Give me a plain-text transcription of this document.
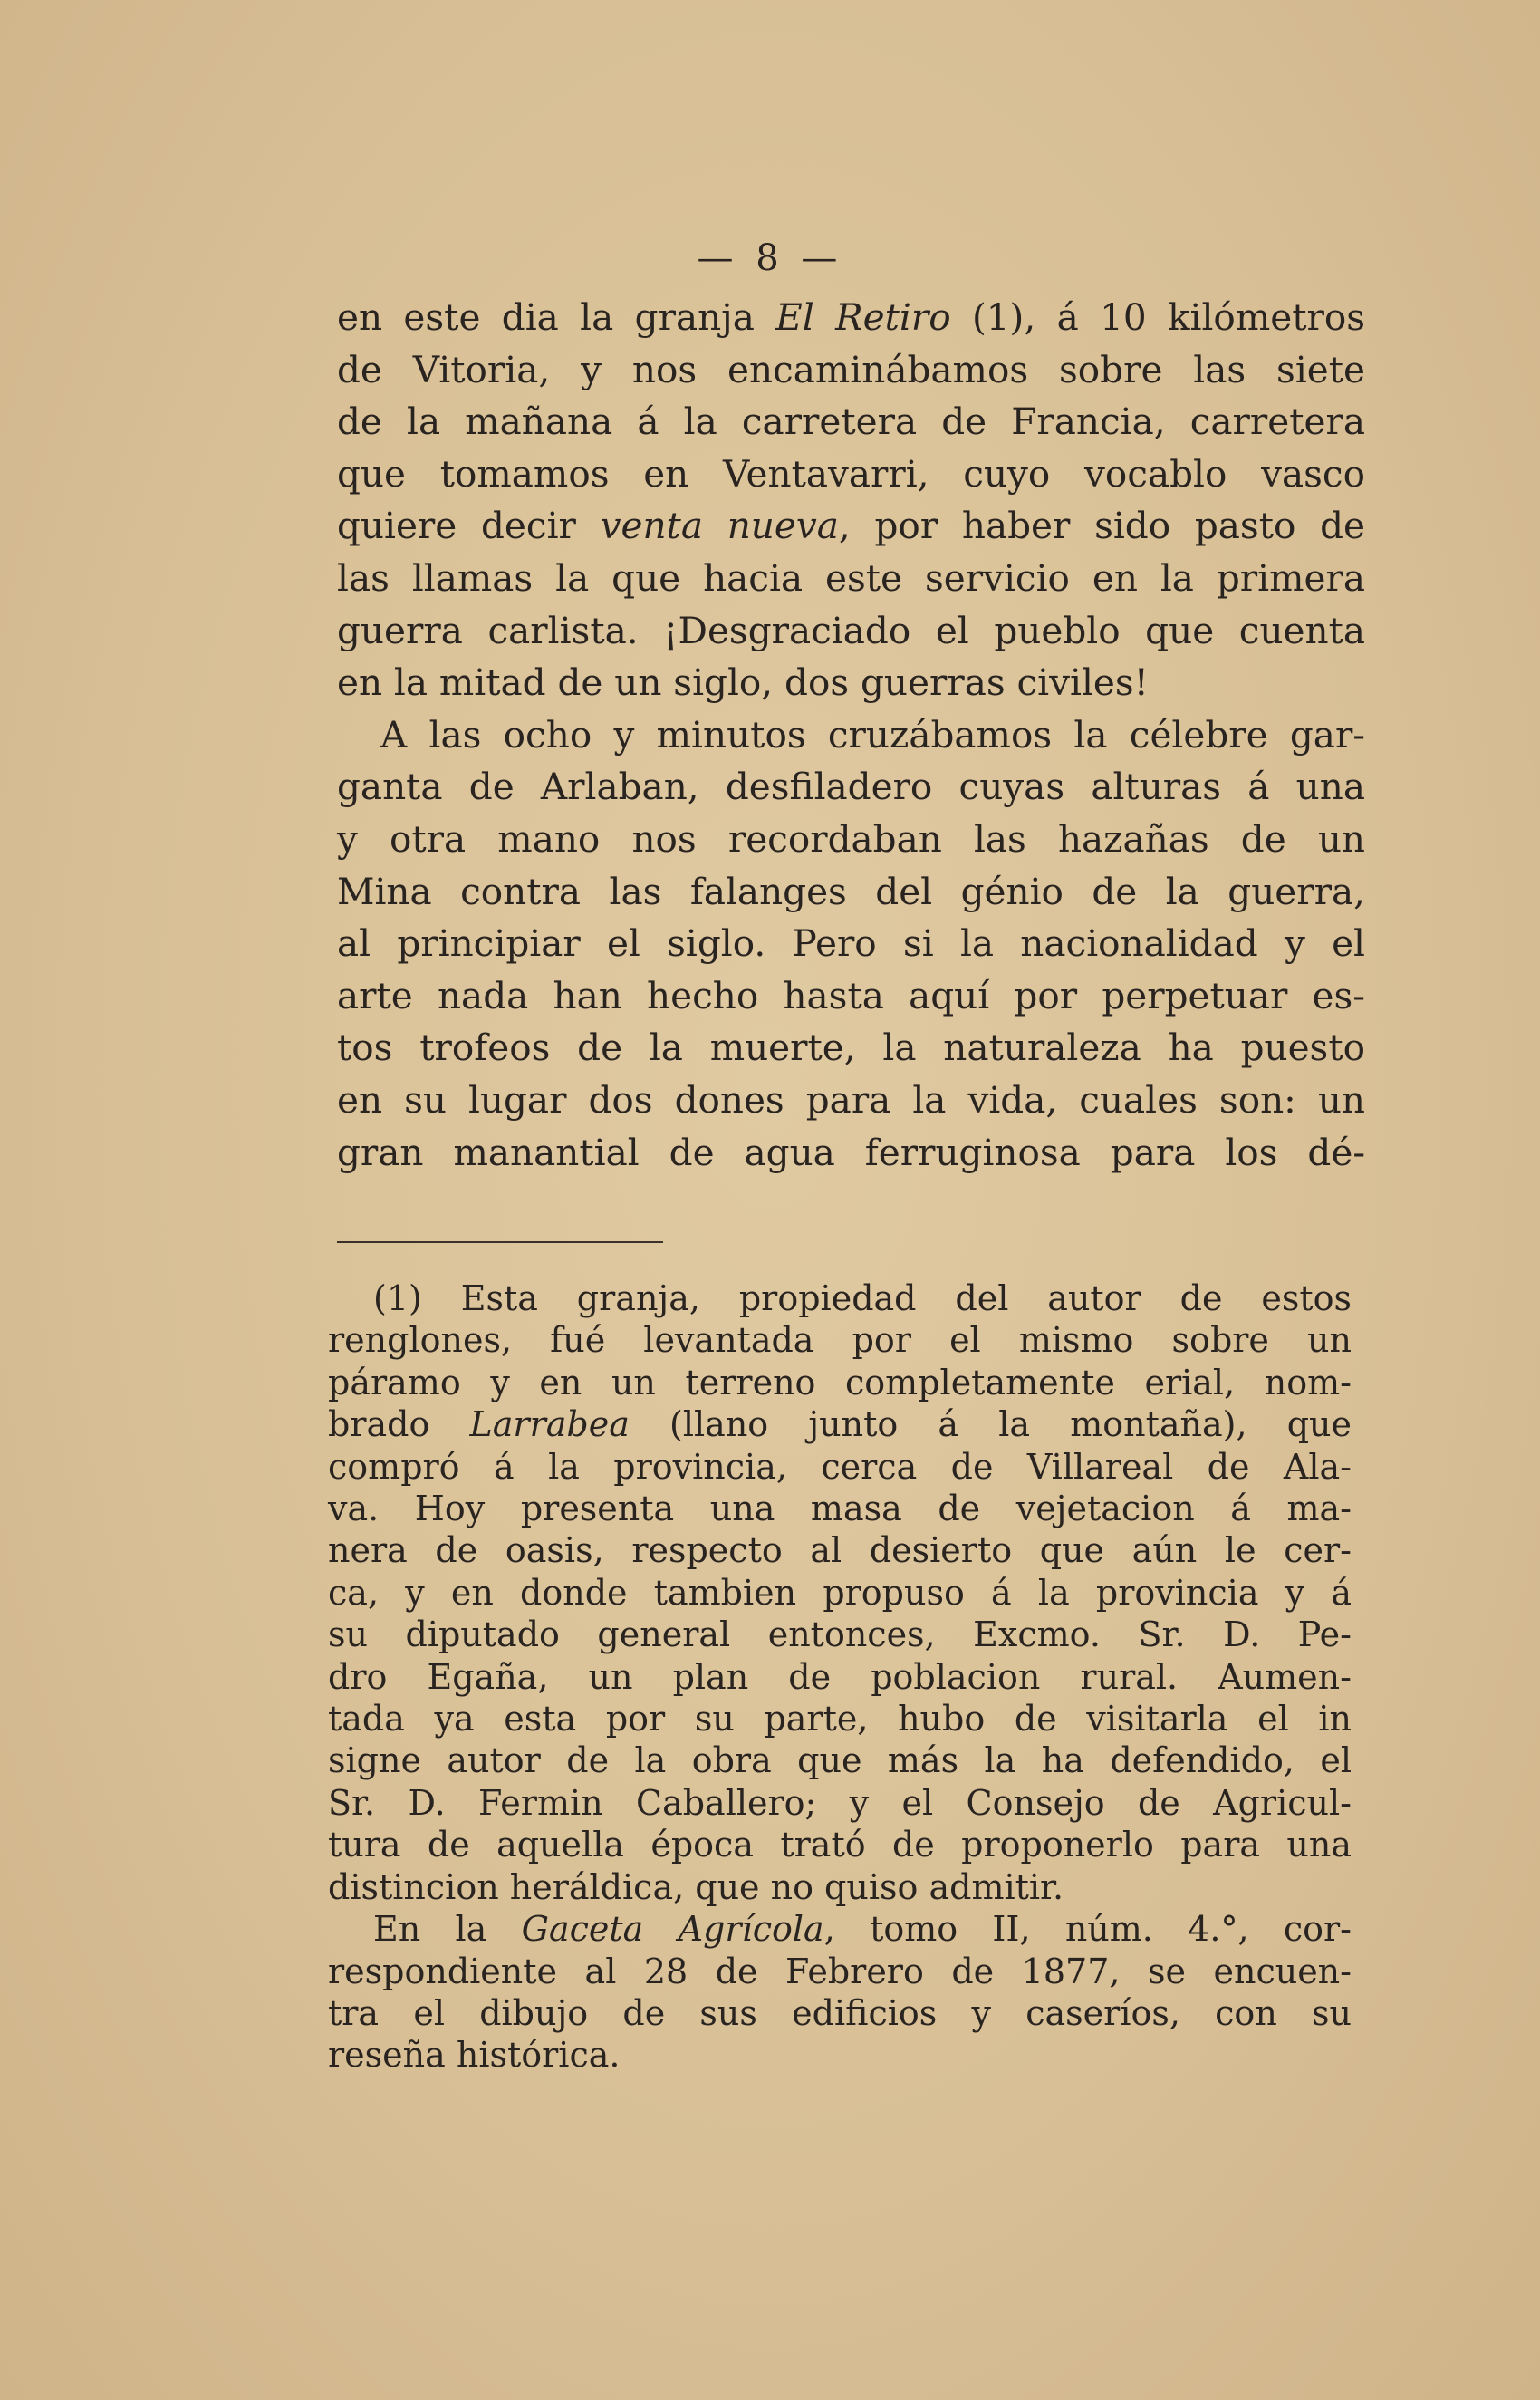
— 8 —
en este dia la granja El Retiro (1), á 10 kilómetros
de Vitoria, y nos encaminábamos sobre las siete
de la mañana á la carretera de Francia, carretera
que tomamos en Ventavarri, cuyo vocablo vasco
quiere decir venta nueva, por haber sido pasto de
las llamas la que hacia este servicio en la primera
guerra carlista. ¡Desgraciado el pueblo que cuenta
en la mitad de un siglo, dos guerras civiles!
A las ocho y minutos cruzábamos la célebre gar-
ganta de Arlaban, desfiladero cuyas alturas á una
y otra mano nos recordaban las hazañas de un
Mina contra las falanges del génio de la guerra,
al principiar el siglo. Pero si la nacionalidad y el
arte nada han hecho hasta aquí por perpetuar es-
tos trofeos de la muerte, la naturaleza ha puesto
en su lugar dos dones para la vida, cuales son: un
gran manantial de agua ferruginosa para los dé-
(1) Esta granja, propiedad del autor de estos
renglones, fué levantada por el mismo sobre un
páramo y en un terreno completamente erial, nom-
brado Larrabea (llano junto á la montaña), que
compró á la provincia, cerca de Villareal de Ala-
va. Hoy presenta una masa de vejetacion á ma-
nera de oasis, respecto al desierto que aún le cer-
ca, y en donde tambien propuso á la provincia y á
su diputado general entonces, Excmo. Sr. D. Pe-
dro Egaña, un plan de poblacion rural. Aumen-
tada ya esta por su parte, hubo de visitarla el in
signe autor de la obra que más la ha defendido, el
Sr. D. Fermin Caballero; y el Consejo de Agricul-
tura de aquella época trató de proponerlo para una
distincion heráldica, que no quiso admitir.
En la Gaceta Agrícola, tomo II, núm. 4.°, cor-
respondiente al 28 de Febrero de 1877, se encuen-
tra el dibujo de sus edificios y caseríos, con su
reseña histórica.
